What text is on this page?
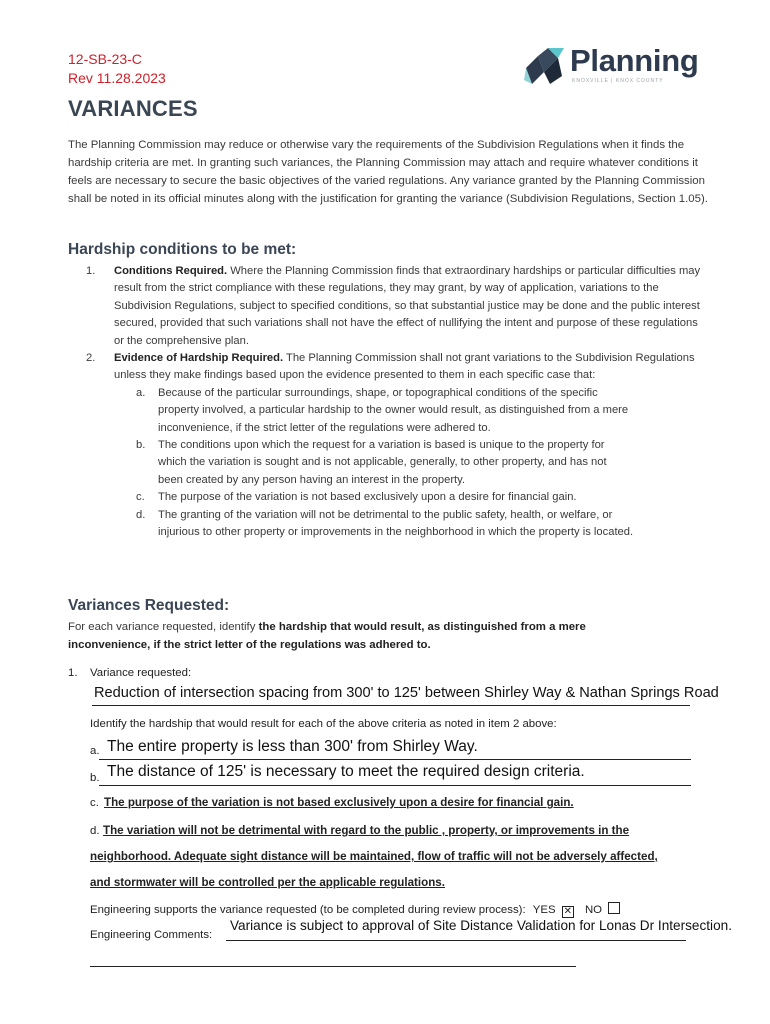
12-SB-23-C
Rev 11.28.2023	Planning
KNOXVILLE | KNOX COUNTY
VARIANCES
The Planning Commission may reduce or otherwise vary the requirements of the Subdivision Regulations when it finds the hardship criteria are met. In granting such variances, the Planning Commission may attach and require whatever conditions it feels are necessary to secure the basic objectives of the varied regulations. Any variance granted by the Planning Commission shall be noted in its official minutes along with the justification for granting the variance (Subdivision Regulations, Section 1.05).
Hardship conditions to be met:
1. Conditions Required. Where the Planning Commission finds that extraordinary hardships or particular difficulties may result from the strict compliance with these regulations, they may grant, by way of application, variations to the Subdivision Regulations, subject to specified conditions, so that substantial justice may be done and the public interest secured, provided that such variations shall not have the effect of nullifying the intent and purpose of these regulations or the comprehensive plan.
2. Evidence of Hardship Required. The Planning Commission shall not grant variations to the Subdivision Regulations unless they make findings based upon the evidence presented to them in each specific case that:
a. Because of the particular surroundings, shape, or topographical conditions of the specific property involved, a particular hardship to the owner would result, as distinguished from a mere inconvenience, if the strict letter of the regulations were adhered to.
b. The conditions upon which the request for a variation is based is unique to the property for which the variation is sought and is not applicable, generally, to other property, and has not been created by any person having an interest in the property.
c. The purpose of the variation is not based exclusively upon a desire for financial gain.
d. The granting of the variation will not be detrimental to the public safety, health, or welfare, or injurious to other property or improvements in the neighborhood in which the property is located.
Variances Requested:
For each variance requested, identify the hardship that would result, as distinguished from a mere inconvenience, if the strict letter of the regulations was adhered to.
1. Variance requested:
Reduction of intersection spacing from 300' to 125' between Shirley Way & Nathan Springs Road
Identify the hardship that would result for each of the above criteria as noted in item 2 above:
a. The entire property is less than 300' from Shirley Way.
b. The distance of 125' is necessary to meet the required design criteria.
c. The purpose of the variation is not based exclusively upon a desire for financial gain.
d. The variation will not be detrimental with regard to the public , property, or improvements in the
neighborhood. Adequate sight distance will be maintained, flow of traffic will not be adversely affected,
and stormwater will be controlled per the applicable regulations.
Engineering supports the variance requested (to be completed during review process): YES ✕ NO
Engineering Comments:
Variance is subject to approval of Site Distance Validation for Lonas Dr Intersection.
